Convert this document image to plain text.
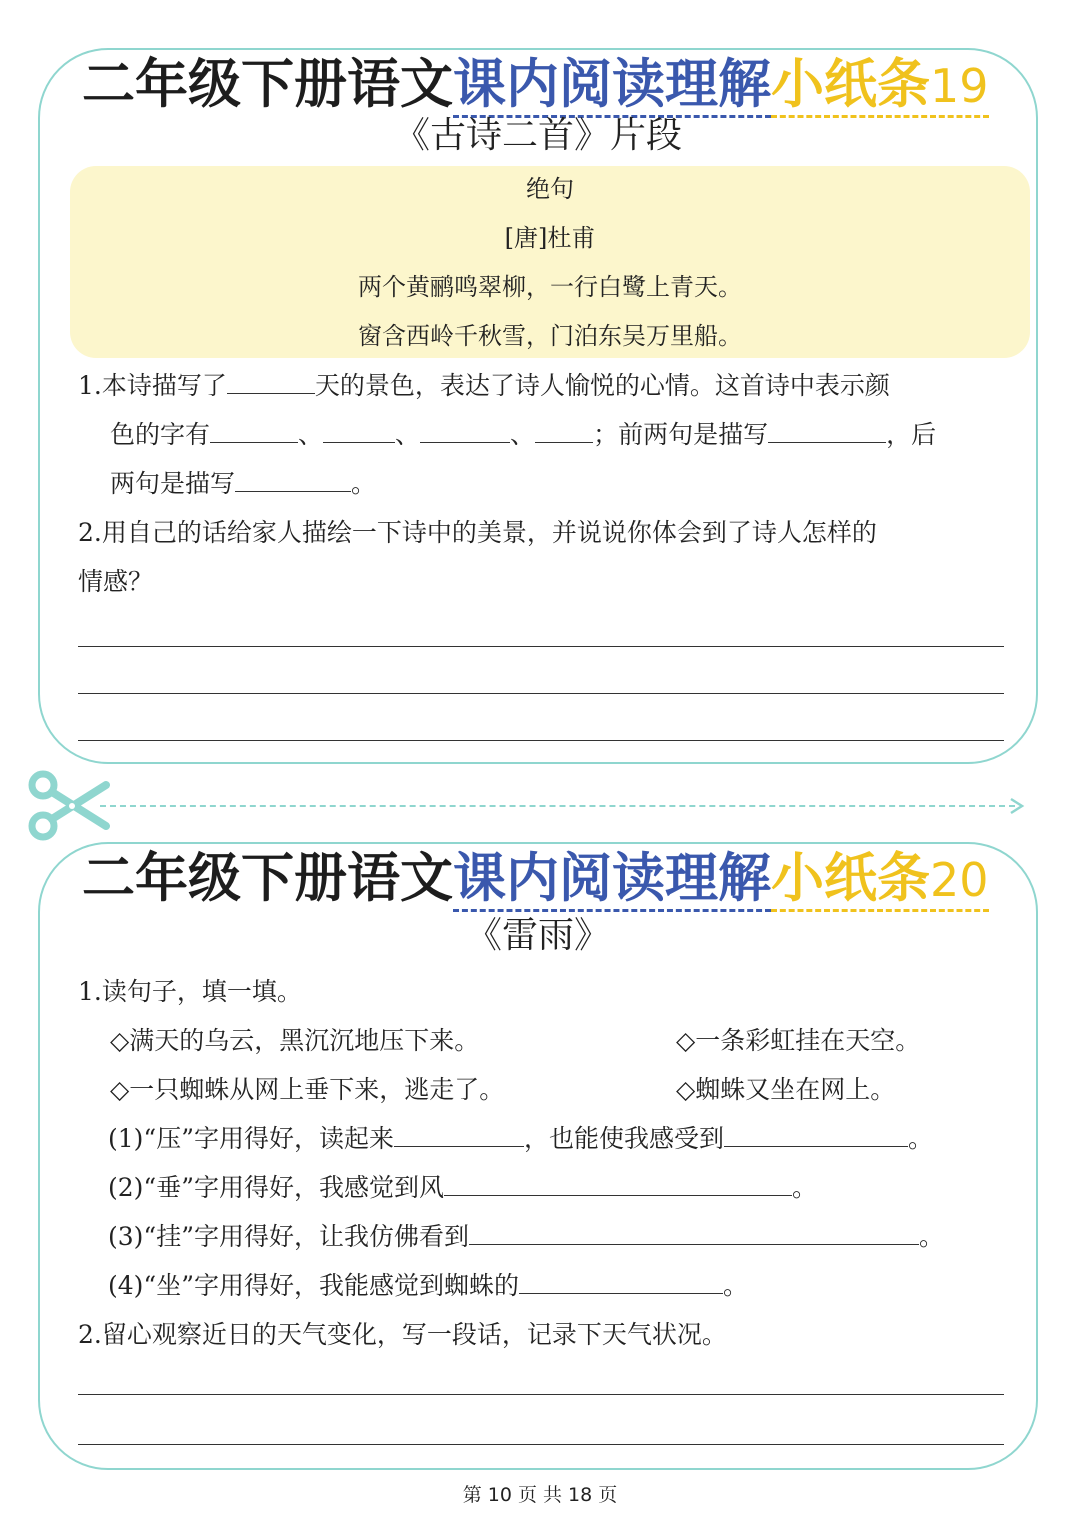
二年级下册语文课内阅读理解小纸条19
《古诗二首》片段
绝句
[唐]杜甫
两个黄鹂鸣翠柳，一行白鹭上青天。
窗含西岭千秋雪，门泊东吴万里船。
1.本诗描写了	天的景色，表达了诗人愉悦的心情。这首诗中表示颜
色的字有	、	、	、 ；前两句是描写	，后
两句是描写	。
2.用自己的话给家人描绘一下诗中的美景，并说说你体会到了诗人怎样的
情感？
二年级下册语文课内阅读理解小纸条20
《雷雨》
1.读句子，填一填。
◇满天的乌云，黑沉沉地压下来。	◇一条彩虹挂在天空。
◇一只蜘蛛从网上垂下来，逃走了。	◇蜘蛛又坐在网上。
(1)“压”字用得好，读起来	，也能使我感受到	。
(2)“垂”字用得好，我感觉到风	。
(3)“挂”字用得好，让我仿佛看到	。
(4)“坐”字用得好，我能感觉到蜘蛛的	。
2.留心观察近日的天气变化，写一段话，记录下天气状况。
第 10 页 共 18 页
